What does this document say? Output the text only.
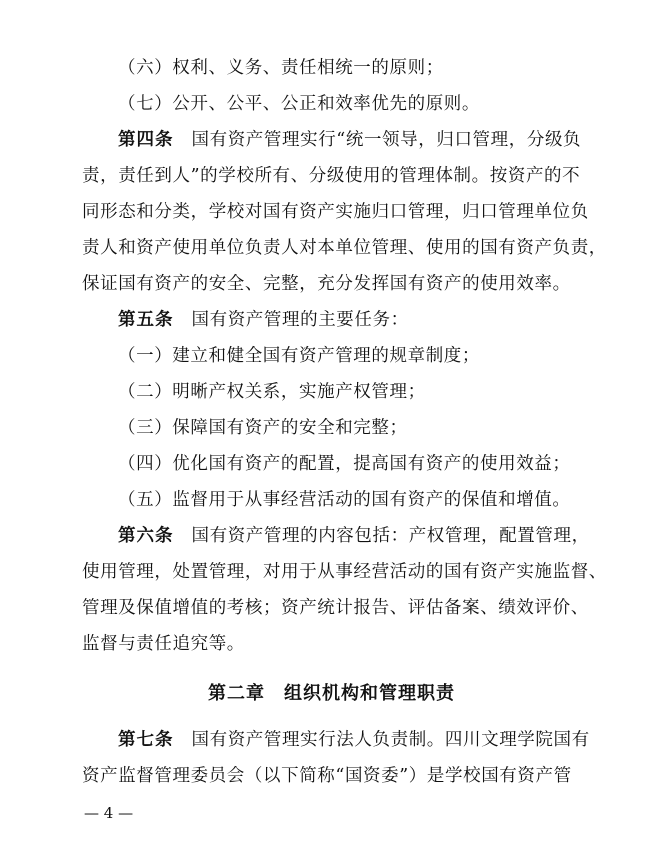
（六）权利、义务、责任相统一的原则；
（七）公开、公平、公正和效率优先的原则。
第四条 国有资产管理实行“统一领导，归口管理，分级负
责，责任到人”的学校所有、分级使用的管理体制。按资产的不
同形态和分类，学校对国有资产实施归口管理，归口管理单位负
责人和资产使用单位负责人对本单位管理、使用的国有资产负责，
保证国有资产的安全、完整，充分发挥国有资产的使用效率。
第五条 国有资产管理的主要任务：
（一）建立和健全国有资产管理的规章制度；
（二）明晰产权关系，实施产权管理；
（三）保障国有资产的安全和完整；
（四）优化国有资产的配置，提高国有资产的使用效益；
（五）监督用于从事经营活动的国有资产的保值和增值。
第六条 国有资产管理的内容包括：产权管理，配置管理，
使用管理，处置管理，对用于从事经营活动的国有资产实施监督、
管理及保值增值的考核；资产统计报告、评估备案、绩效评价、
监督与责任追究等。
第二章　组织机构和管理职责
第七条 国有资产管理实行法人负责制。四川文理学院国有
资产监督管理委员会（以下简称“国资委”）是学校国有资产管
— 4 —
